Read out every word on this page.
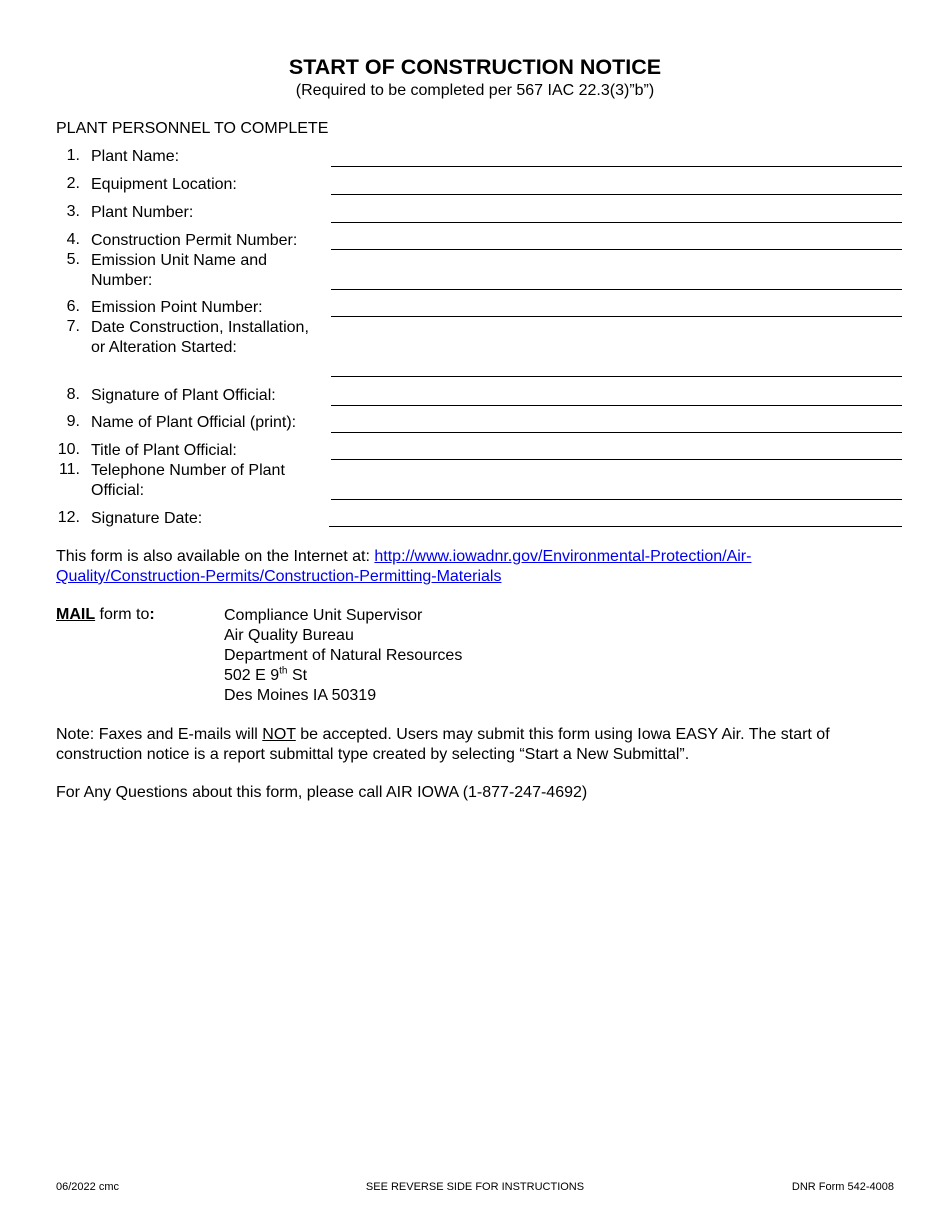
START OF CONSTRUCTION NOTICE
(Required to be completed per 567 IAC 22.3(3)”b”)
PLANT PERSONNEL TO COMPLETE
1. Plant Name:
2. Equipment Location:
3. Plant Number:
4. Construction Permit Number:
5. Emission Unit Name and Number:
6. Emission Point Number:
7. Date Construction, Installation, or Alteration Started:
8. Signature of Plant Official:
9. Name of Plant Official (print):
10. Title of Plant Official:
11. Telephone Number of Plant Official:
12. Signature Date:
This form is also available on the Internet at: http://www.iowadnr.gov/Environmental-Protection/Air-Quality/Construction-Permits/Construction-Permitting-Materials
MAIL form to:	Compliance Unit Supervisor
Air Quality Bureau
Department of Natural Resources
502 E 9th St
Des Moines IA 50319
Note: Faxes and E-mails will NOT be accepted. Users may submit this form using Iowa EASY Air. The start of construction notice is a report submittal type created by selecting “Start a New Submittal”.
For Any Questions about this form, please call AIR IOWA (1-877-247-4692)
06/2022 cmc	SEE REVERSE SIDE FOR INSTRUCTIONS	DNR Form 542-4008
